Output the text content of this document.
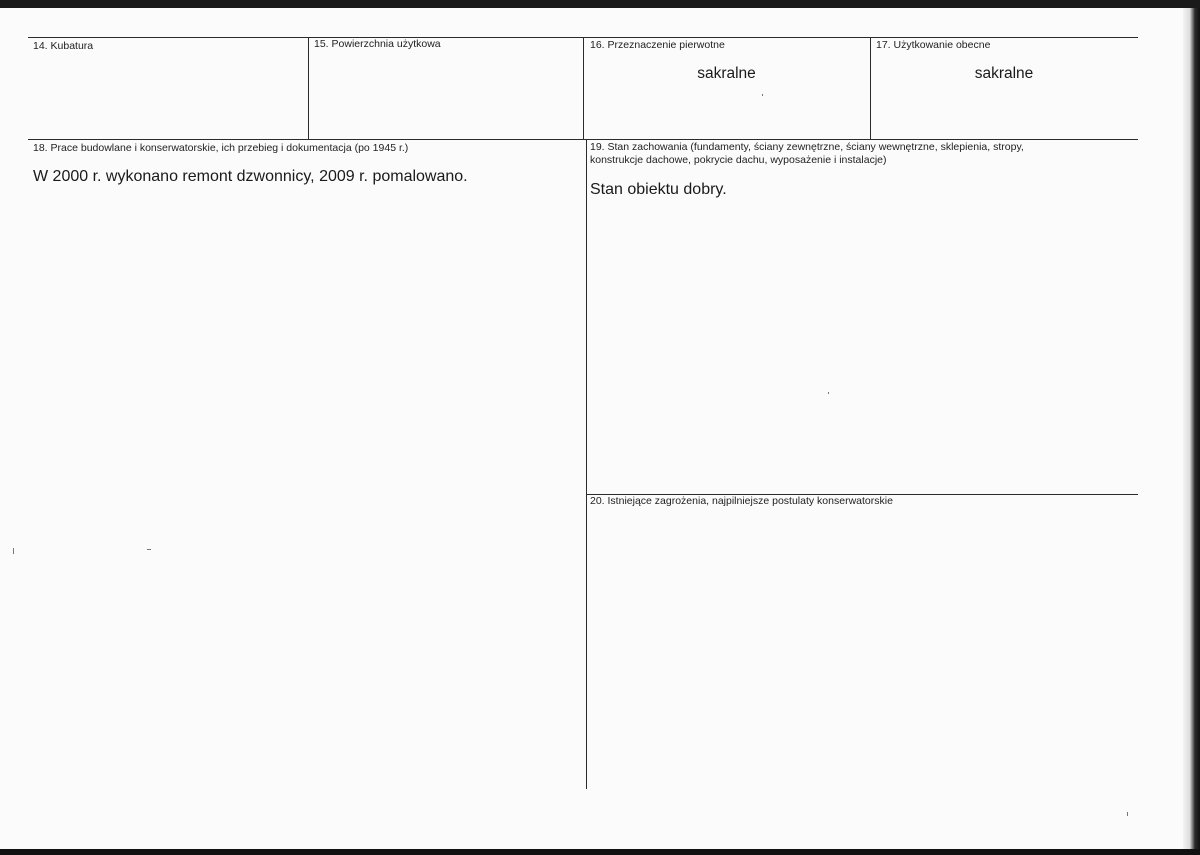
14. Kubatura	15. Powierzchnia użytkowa	16. Przeznaczenie pierwotne
sakralne
17. Użytkowanie obecne
sakralne
18. Prace budowlane i konserwatorskie, ich przebieg i dokumentacja (po 1945 r.)
W 2000 r. wykonano remont dzwonnicy, 2009 r. pomalowano.
19. Stan zachowania (fundamenty, ściany zewnętrzne, ściany wewnętrzne, sklepienia, stropy,
konstrukcje dachowe, pokrycie dachu, wyposażenie i instalacje)
Stan obiektu dobry.
20. Istniejące zagrożenia, najpilniejsze postulaty konserwatorskie
